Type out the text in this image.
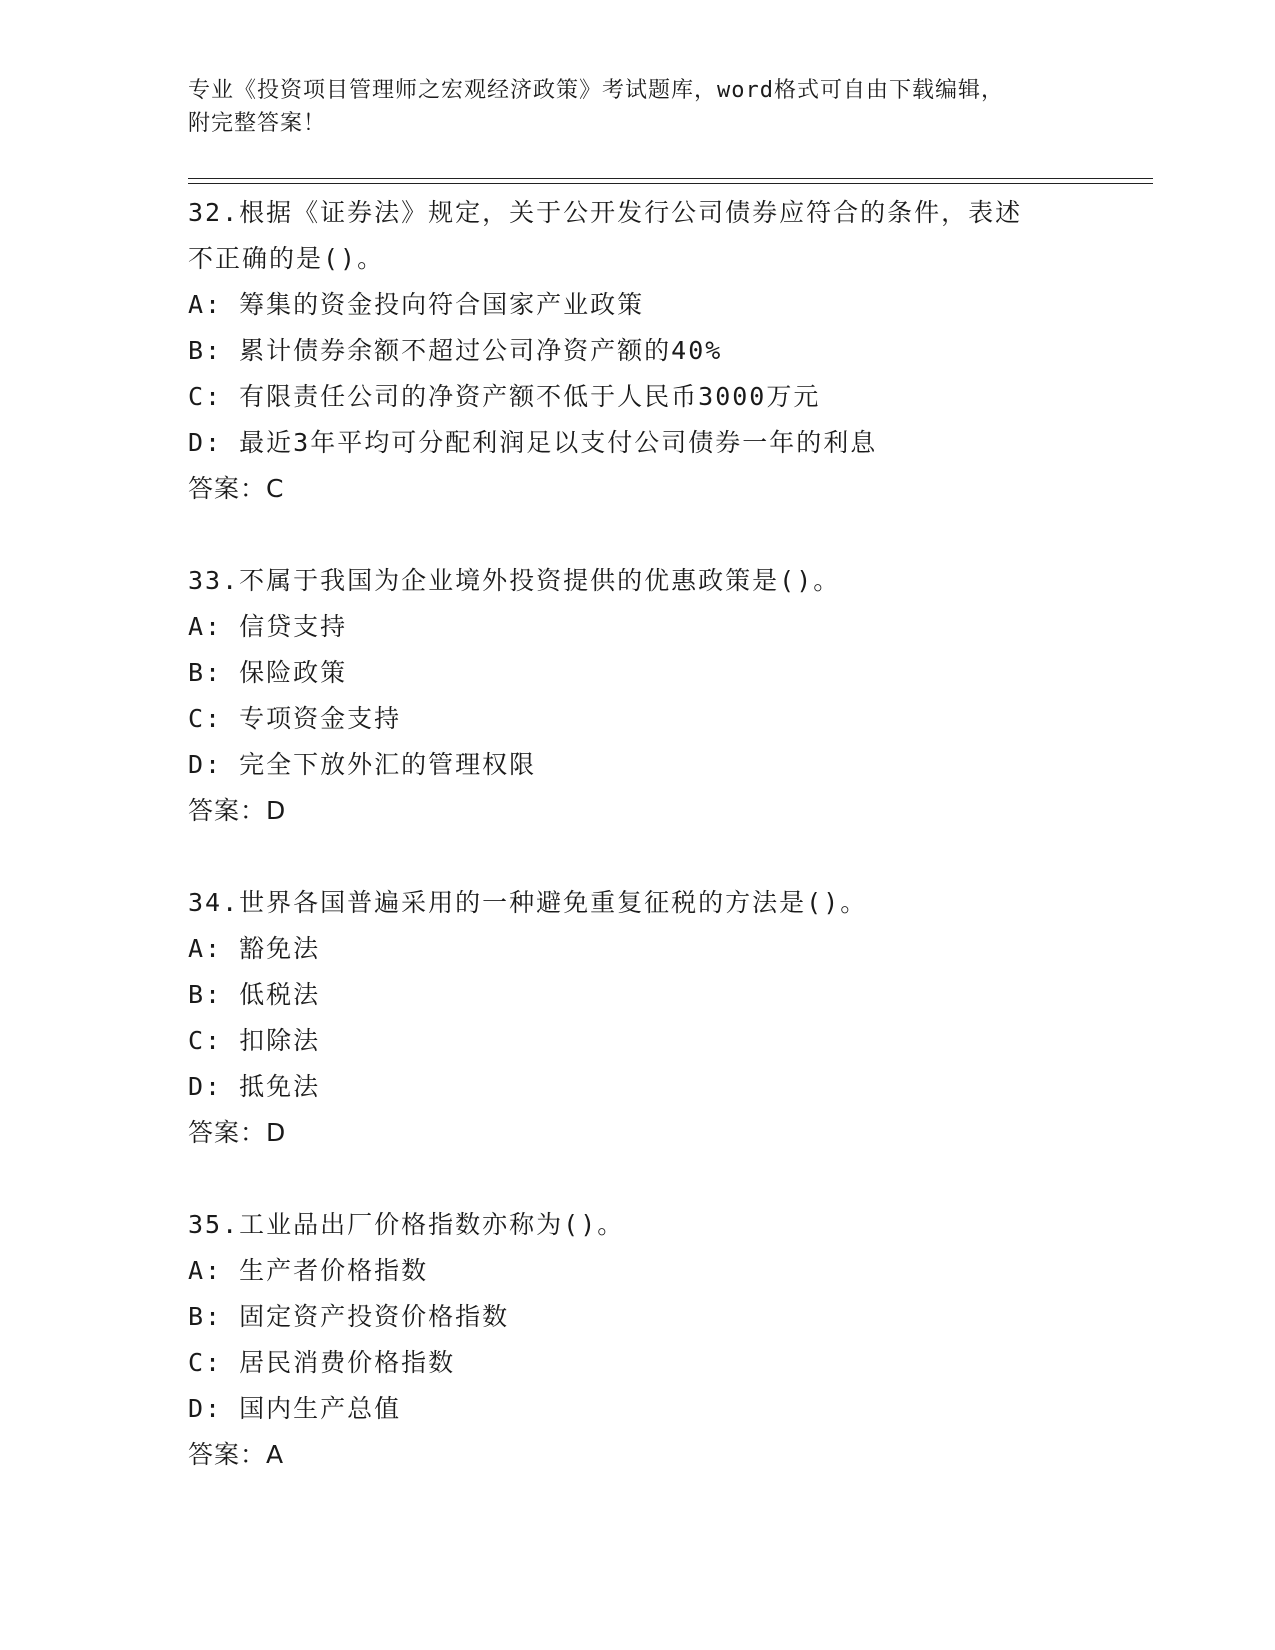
专业《投资项目管理师之宏观经济政策》考试题库，word格式可自由下载编辑，
附完整答案！
32.根据《证券法》规定，关于公开发行公司债券应符合的条件，表述
不正确的是()。
A: 筹集的资金投向符合国家产业政策
B: 累计债券余额不超过公司净资产额的40%
C: 有限责任公司的净资产额不低于人民币3000万元
D: 最近3年平均可分配利润足以支付公司债券一年的利息
答案：C
33.不属于我国为企业境外投资提供的优惠政策是()。
A: 信贷支持
B: 保险政策
C: 专项资金支持
D: 完全下放外汇的管理权限
答案：D
34.世界各国普遍采用的一种避免重复征税的方法是()。
A: 豁免法
B: 低税法
C: 扣除法
D: 抵免法
答案：D
35.工业品出厂价格指数亦称为()。
A: 生产者价格指数
B: 固定资产投资价格指数
C: 居民消费价格指数
D: 国内生产总值
答案：A
